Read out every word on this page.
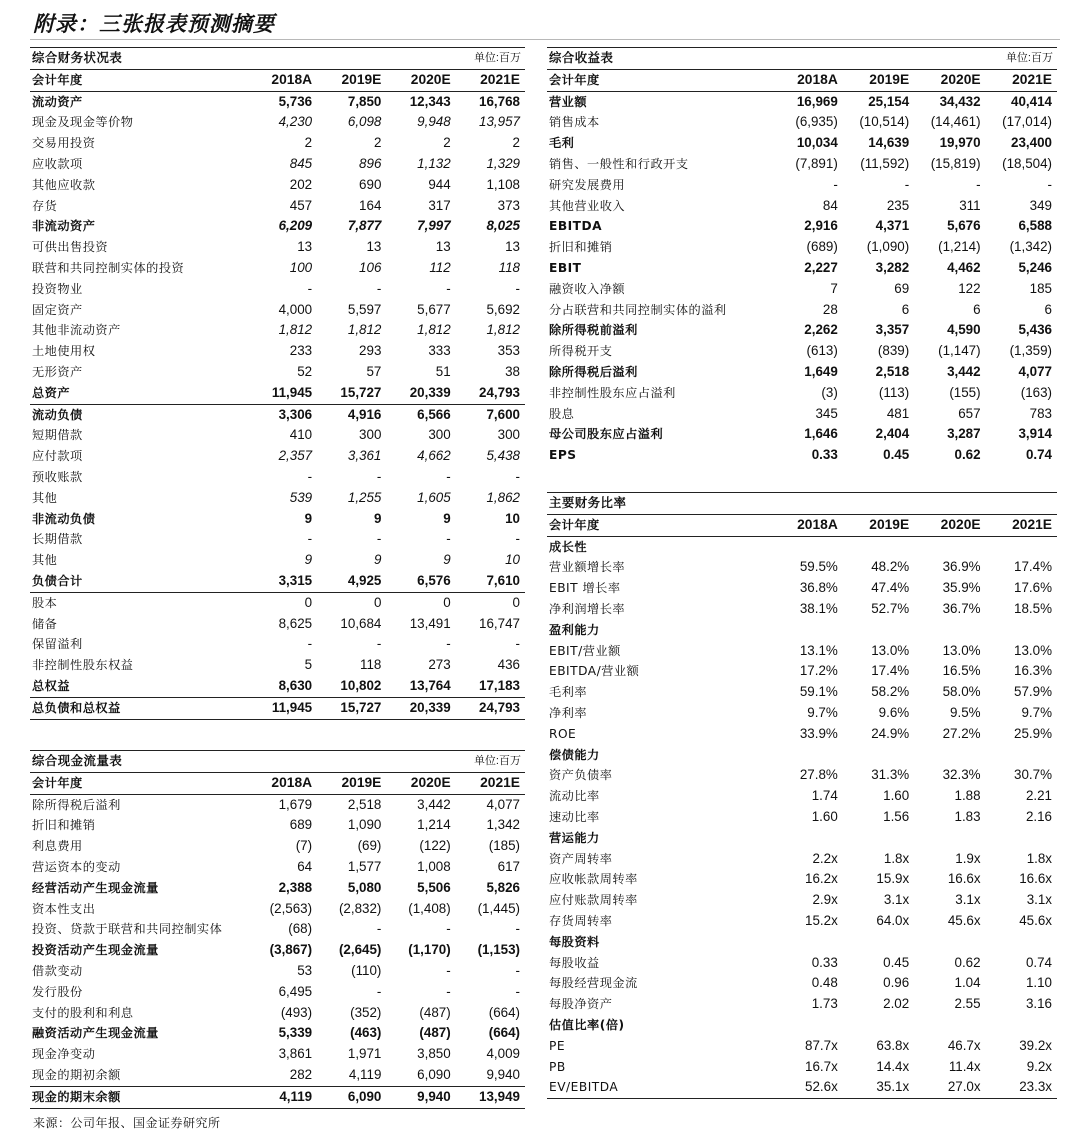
附录：三张报表预测摘要
综合财务状况表			单位:百万	
会计年度	2018A	2019E	2020E	2021E
流动资产	5,736	7,850	12,343	16,768
现金及现金等价物	4,230	6,098	9,948	13,957
交易用投资	2	2	2	2
应收款项	845	896	1,132	1,329
其他应收款	202	690	944	1,108
存货	457	164	317	373
非流动资产	6,209	7,877	7,997	8,025
可供出售投资	13	13	13	13
联营和共同控制实体的投资	100	106	112	118
投资物业	-	-	-	-
固定资产	4,000	5,597	5,677	5,692
其他非流动资产	1,812	1,812	1,812	1,812
土地使用权	233	293	333	353
无形资产	52	57	51	38
总资产	11,945	15,727	20,339	24,793
流动负债	3,306	4,916	6,566	7,600
短期借款	410	300	300	300
应付款项	2,357	3,361	4,662	5,438
预收账款	-	-	-	-
其他	539	1,255	1,605	1,862
非流动负债	9	9	9	10
长期借款	-	-	-	-
其他	9	9	9	10
负债合计	3,315	4,925	6,576	7,610
股本	0	0	0	0
储备	8,625	10,684	13,491	16,747
保留溢利	-	-	-	-
非控制性股东权益	5	118	273	436
总权益	8,630	10,802	13,764	17,183
总负债和总权益	11,945	15,727	20,339	24,793
综合收益表			单位:百万	
会计年度	2018A	2019E	2020E	2021E
营业额	16,969	25,154	34,432	40,414
销售成本	(6,935)	(10,514)	(14,461)	(17,014)
毛利	10,034	14,639	19,970	23,400
销售、一般性和行政开支	(7,891)	(11,592)	(15,819)	(18,504)
研究发展费用	-	-	-	-
其他营业收入	84	235	311	349
EBITDA	2,916	4,371	5,676	6,588
折旧和摊销	(689)	(1,090)	(1,214)	(1,342)
EBIT	2,227	3,282	4,462	5,246
融资收入净额	7	69	122	185
分占联营和共同控制实体的溢利	28	6	6	6
除所得税前溢利	2,262	3,357	4,590	5,436
所得税开支	(613)	(839)	(1,147)	(1,359)
除所得税后溢利	1,649	2,518	3,442	4,077
非控制性股东应占溢利	(3)	(113)	(155)	(163)
股息	345	481	657	783
母公司股东应占溢利	1,646	2,404	3,287	3,914
EPS	0.33	0.45	0.62	0.74
主要财务比率				
会计年度	2018A	2019E	2020E	2021E
成长性				
营业额增长率	59.5%	48.2%	36.9%	17.4%
EBIT 增长率	36.8%	47.4%	35.9%	17.6%
净利润增长率	38.1%	52.7%	36.7%	18.5%
盈利能力				
EBIT/营业额	13.1%	13.0%	13.0%	13.0%
EBITDA/营业额	17.2%	17.4%	16.5%	16.3%
毛利率	59.1%	58.2%	58.0%	57.9%
净利率	9.7%	9.6%	9.5%	9.7%
ROE	33.9%	24.9%	27.2%	25.9%
偿债能力				
资产负债率	27.8%	31.3%	32.3%	30.7%
流动比率	1.74	1.60	1.88	2.21
速动比率	1.60	1.56	1.83	2.16
营运能力				
资产周转率	2.2x	1.8x	1.9x	1.8x
应收帐款周转率	16.2x	15.9x	16.6x	16.6x
应付账款周转率	2.9x	3.1x	3.1x	3.1x
存货周转率	15.2x	64.0x	45.6x	45.6x
每股资料				
每股收益	0.33	0.45	0.62	0.74
每股经营现金流	0.48	0.96	1.04	1.10
每股净资产	1.73	2.02	2.55	3.16
估值比率(倍)				
PE	87.7x	63.8x	46.7x	39.2x
PB	16.7x	14.4x	11.4x	9.2x
EV/EBITDA	52.6x	35.1x	27.0x	23.3x
综合现金流量表			单位:百万	
会计年度	2018A	2019E	2020E	2021E
除所得税后溢利	1,679	2,518	3,442	4,077
折旧和摊销	689	1,090	1,214	1,342
利息费用	(7)	(69)	(122)	(185)
营运资本的变动	64	1,577	1,008	617
经营活动产生现金流量	2,388	5,080	5,506	5,826
资本性支出	(2,563)	(2,832)	(1,408)	(1,445)
投资、贷款于联营和共同控制实体	(68)	-	-	-
投资活动产生现金流量	(3,867)	(2,645)	(1,170)	(1,153)
借款变动	53	(110)	-	-
发行股份	6,495	-	-	-
支付的股利和利息	(493)	(352)	(487)	(664)
融资活动产生现金流量	5,339	(463)	(487)	(664)
现金净变动	3,861	1,971	3,850	4,009
现金的期初余额	282	4,119	6,090	9,940
现金的期末余额	4,119	6,090	9,940	13,949
来源：公司年报、国金证券研究所
